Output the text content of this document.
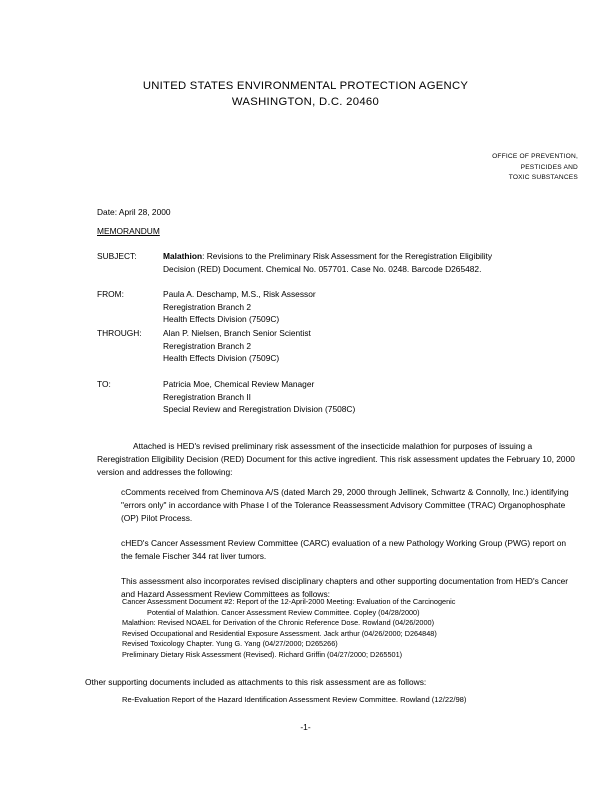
UNITED STATES ENVIRONMENTAL PROTECTION AGENCY
WASHINGTON, D.C. 20460
OFFICE OF PREVENTION,
PESTICIDES AND
TOXIC SUBSTANCES
Date: April 28, 2000
MEMORANDUM
SUBJECT:	Malathion: Revisions to the Preliminary Risk Assessment for the Reregistration Eligibility
Decision (RED) Document. Chemical No. 057701. Case No. 0248. Barcode D265482.
FROM:	Paula A. Deschamp, M.S., Risk Assessor
Reregistration Branch 2
Health Effects Division (7509C)
THROUGH:	Alan P. Nielsen, Branch Senior Scientist
Reregistration Branch 2
Health Effects Division (7509C)
TO:	Patricia Moe, Chemical Review Manager
Reregistration Branch II
Special Review and Reregistration Division (7508C)

Attached is HED's revised preliminary risk assessment of the insecticide malathion for purposes of issuing a Reregistration Eligibility Decision (RED) Document for this active ingredient. This risk assessment updates the February 10, 2000 version and addresses the following:

cComments received from Cheminova A/S (dated March 29, 2000 through Jellinek, Schwartz & Connolly, Inc.) identifying "errors only" in accordance with Phase I of the Tolerance Reassessment Advisory Committee (TRAC) Organophosphate (OP) Pilot Process.

cHED's Cancer Assessment Review Committee (CARC) evaluation of a new Pathology Working Group (PWG) report on the female Fischer 344 rat liver tumors.

This assessment also incorporates revised disciplinary chapters and other supporting documentation from HED's Cancer and Hazard Assessment Review Committees as follows:

Cancer Assessment Document #2: Report of the 12-April-2000 Meeting: Evaluation of the Carcinogenic
Potential of Malathion. Cancer Assessment Review Committee. Copley (04/28/2000)
Malathion: Revised NOAEL for Derivation of the Chronic Reference Dose. Rowland (04/26/2000)
Revised Occupational and Residential Exposure Assessment. Jack arthur (04/26/2000; D264848)
Revised Toxicology Chapter. Yung G. Yang (04/27/2000; D265266)
Preliminary Dietary Risk Assessment (Revised). Richard Griffin (04/27/2000; D265501)

Other supporting documents included as attachments to this risk assessment are as follows:

Re-Evaluation Report of the Hazard Identification Assessment Review Committee. Rowland (12/22/98)
-1-
